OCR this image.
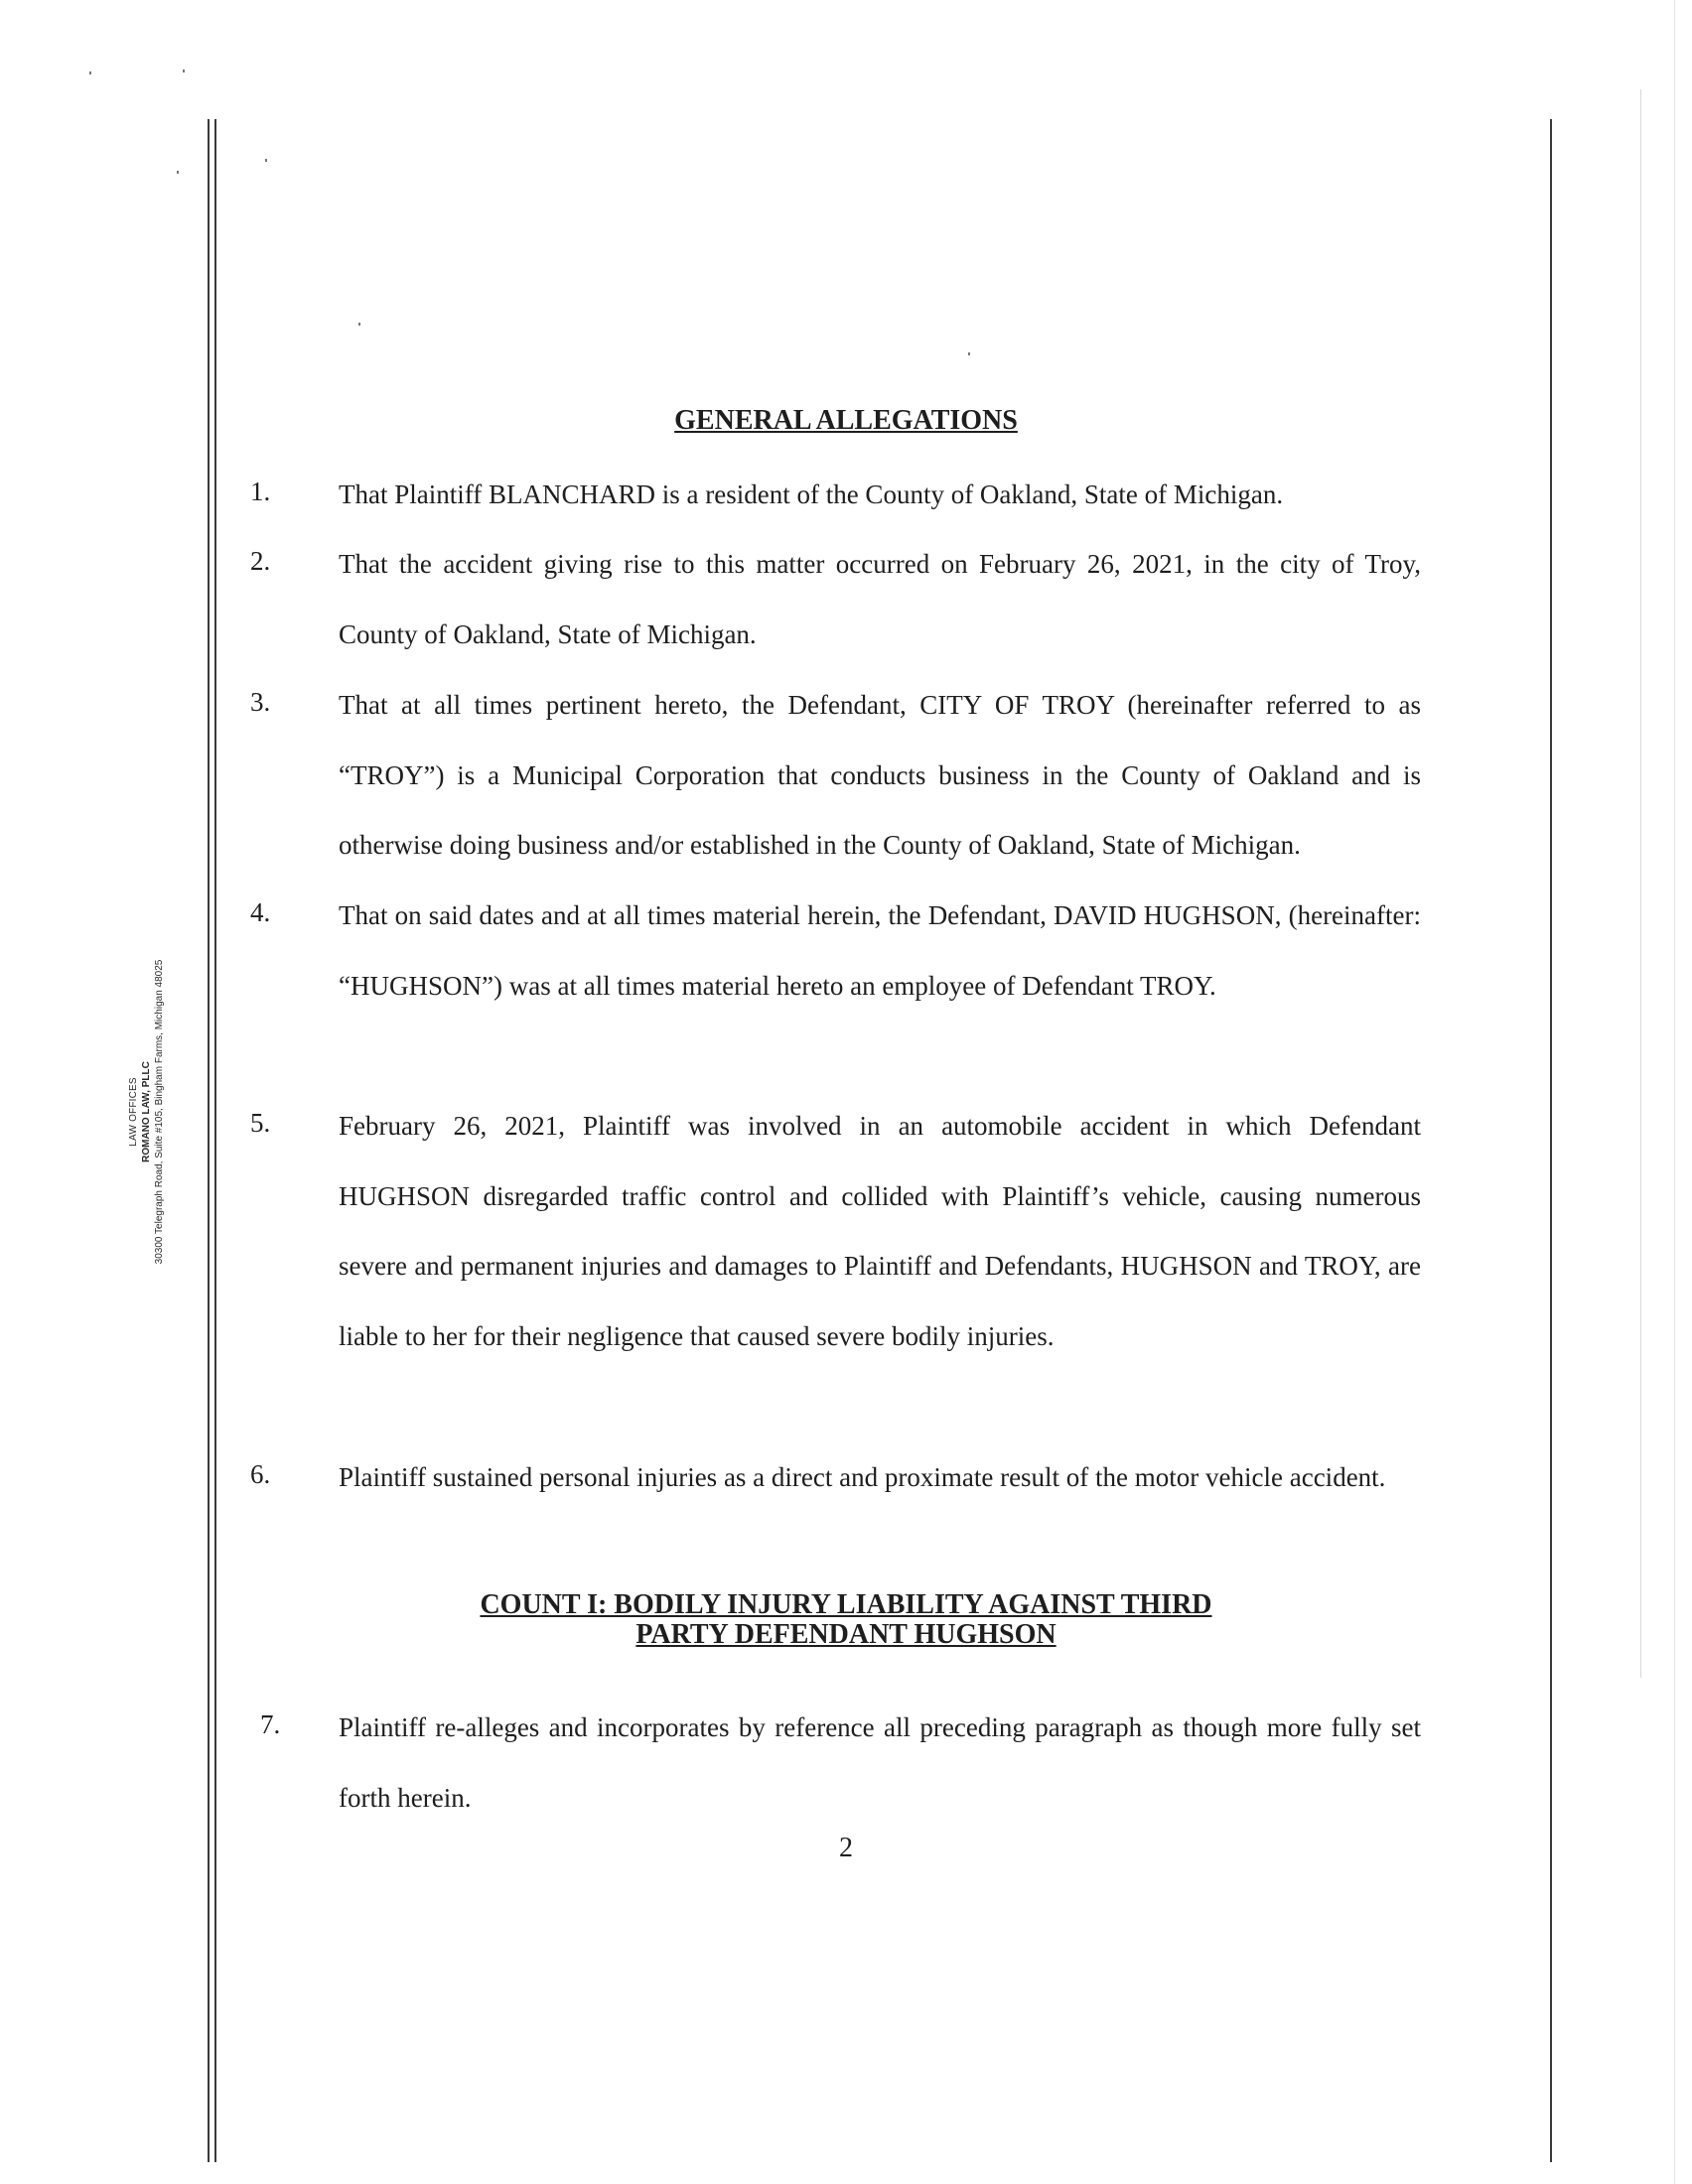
LAW OFFICES ROMANO LAW, PLLC 30300 Telegraph Road, Suite #105, Bingham Farms, Michigan 48025
GENERAL ALLEGATIONS
1.	That Plaintiff BLANCHARD is a resident of the County of Oakland, State of Michigan.
2.	That the accident giving rise to this matter occurred on February 26, 2021, in the city of Troy, County of Oakland, State of Michigan.
3.	That at all times pertinent hereto, the Defendant, CITY OF TROY (hereinafter referred to as “TROY”) is a Municipal Corporation that conducts business in the County of Oakland and is otherwise doing business and/or established in the County of Oakland, State of Michigan.
4.	That on said dates and at all times material herein, the Defendant, DAVID HUGHSON, (hereinafter: “HUGHSON”) was at all times material hereto an employee of Defendant TROY.
5.	February 26, 2021, Plaintiff was involved in an automobile accident in which Defendant HUGHSON disregarded traffic control and collided with Plaintiff’s vehicle, causing numerous severe and permanent injuries and damages to Plaintiff and Defendants, HUGHSON and TROY, are liable to her for their negligence that caused severe bodily injuries.
6.	Plaintiff sustained personal injuries as a direct and proximate result of the motor vehicle accident.
COUNT I: BODILY INJURY LIABILITY AGAINST THIRD
PARTY DEFENDANT HUGHSON
7.	Plaintiff re-alleges and incorporates by reference all preceding paragraph as though more fully set forth herein.
2
